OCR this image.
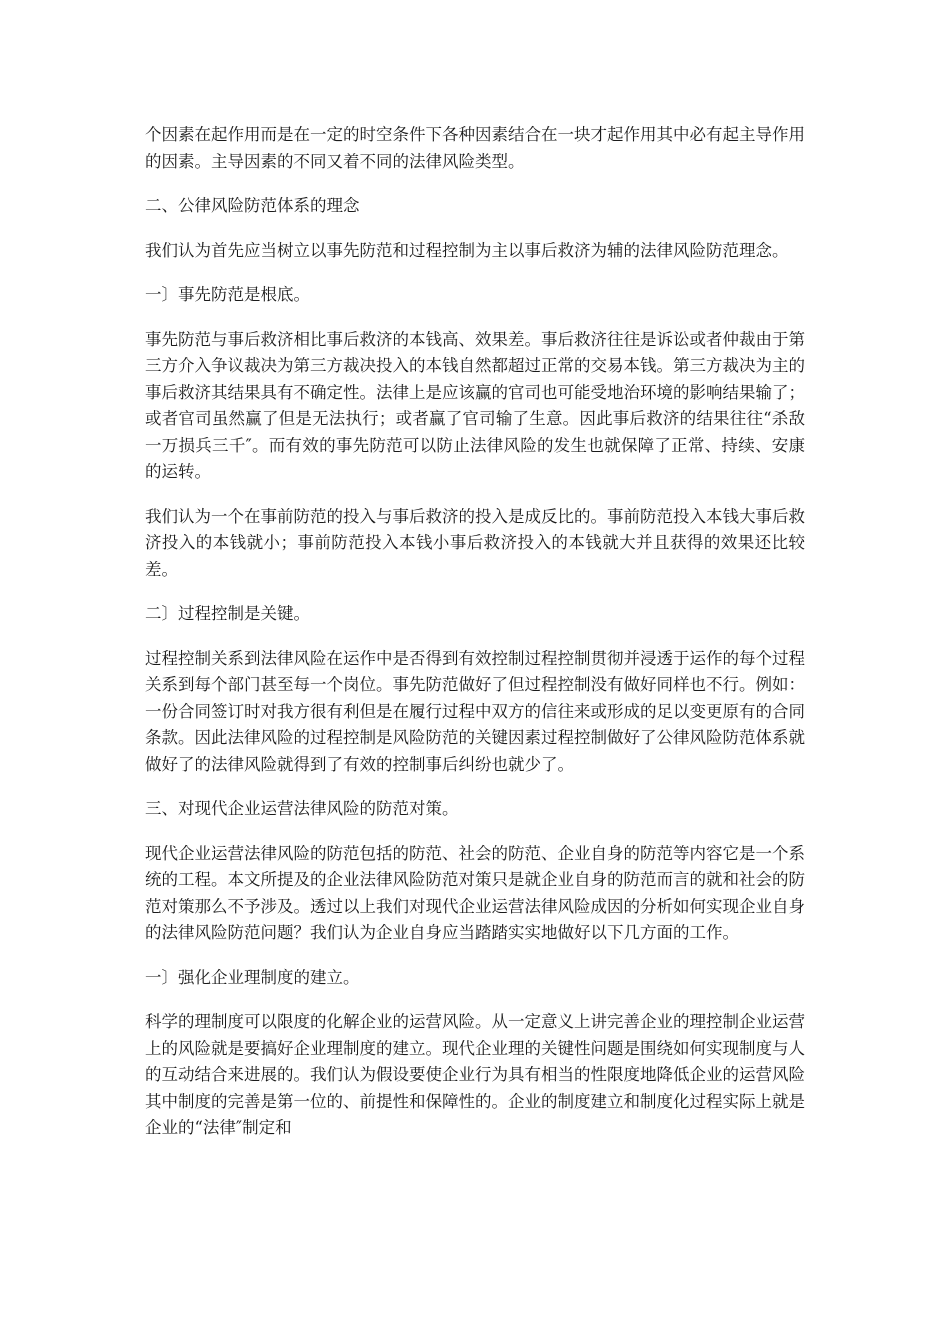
个因素在起作用而是在一定的时空条件下各种因素结合在一块才起作用其中必有起主导作用的因素。主导因素的不同又着不同的法律风险类型。

二、公律风险防范体系的理念

我们认为首先应当树立以事先防范和过程控制为主以事后救济为辅的法律风险防范理念。

一〕事先防范是根底。

事先防范与事后救济相比事后救济的本钱高、效果差。事后救济往往是诉讼或者仲裁由于第三方介入争议裁决为第三方裁决投入的本钱自然都超过正常的交易本钱。第三方裁决为主的事后救济其结果具有不确定性。法律上是应该赢的官司也可能受地治环境的影响结果输了；或者官司虽然赢了但是无法执行；或者赢了官司输了生意。因此事后救济的结果往往“杀敌一万损兵三千″。而有效的事先防范可以防止法律风险的发生也就保障了正常、持续、安康的运转。

我们认为一个在事前防范的投入与事后救济的投入是成反比的。事前防范投入本钱大事后救济投入的本钱就小；事前防范投入本钱小事后救济投入的本钱就大并且获得的效果还比较差。

二〕过程控制是关键。

过程控制关系到法律风险在运作中是否得到有效控制过程控制贯彻并浸透于运作的每个过程关系到每个部门甚至每一个岗位。事先防范做好了但过程控制没有做好同样也不行。例如：一份合同签订时对我方很有利但是在履行过程中双方的信往来或形成的足以变更原有的合同条款。因此法律风险的过程控制是风险防范的关键因素过程控制做好了公律风险防范体系就做好了的法律风险就得到了有效的控制事后纠纷也就少了。

三、对现代企业运营法律风险的防范对策。

现代企业运营法律风险的防范包括的防范、社会的防范、企业自身的防范等内容它是一个系统的工程。本文所提及的企业法律风险防范对策只是就企业自身的防范而言的就和社会的防范对策那么不予涉及。透过以上我们对现代企业运营法律风险成因的分析如何实现企业自身的法律风险防范问题？我们认为企业自身应当踏踏实实地做好以下几方面的工作。

一〕强化企业理制度的建立。

科学的理制度可以限度的化解企业的运营风险。从一定意义上讲完善企业的理控制企业运营上的风险就是要搞好企业理制度的建立。现代企业理的关键性问题是围绕如何实现制度与人的互动结合来进展的。我们认为假设要使企业行为具有相当的性限度地降低企业的运营风险其中制度的完善是第一位的、前提性和保障性的。企业的制度建立和制度化过程实际上就是企业的“法律″制定和
